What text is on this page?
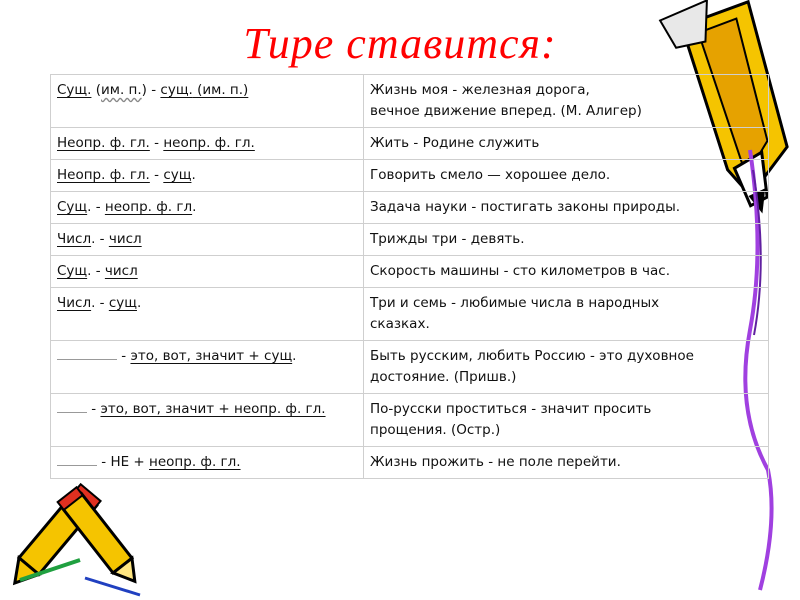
Тире ставится:
Сущ. (им. п.) - сущ. (им. п.)	Жизнь моя - железная дорога,
вечное движение вперед. (М. Алигер)
Неопр. ф. гл. - неопр. ф. гл.	Жить - Родине служить
Неопр. ф. гл. - сущ.	Говорить смело — хорошее дело.
Сущ. - неопр. ф. гл.	Задача науки - постигать законы природы.
Числ. - числ	Трижды три - девять.
Сущ. - числ	Скорость машины - сто километров в час.
Числ. - сущ.	Три и семь - любимые числа в народных
сказках.
- это, вот, значит + сущ.	Быть русским, любить Россию - это духовное
достояние. (Пришв.)
- это, вот, значит + неопр. ф. гл.	По-русски проститься - значит просить
прощения. (Остр.)
- НЕ + неопр. ф. гл.	Жизнь прожить - не поле перейти.
